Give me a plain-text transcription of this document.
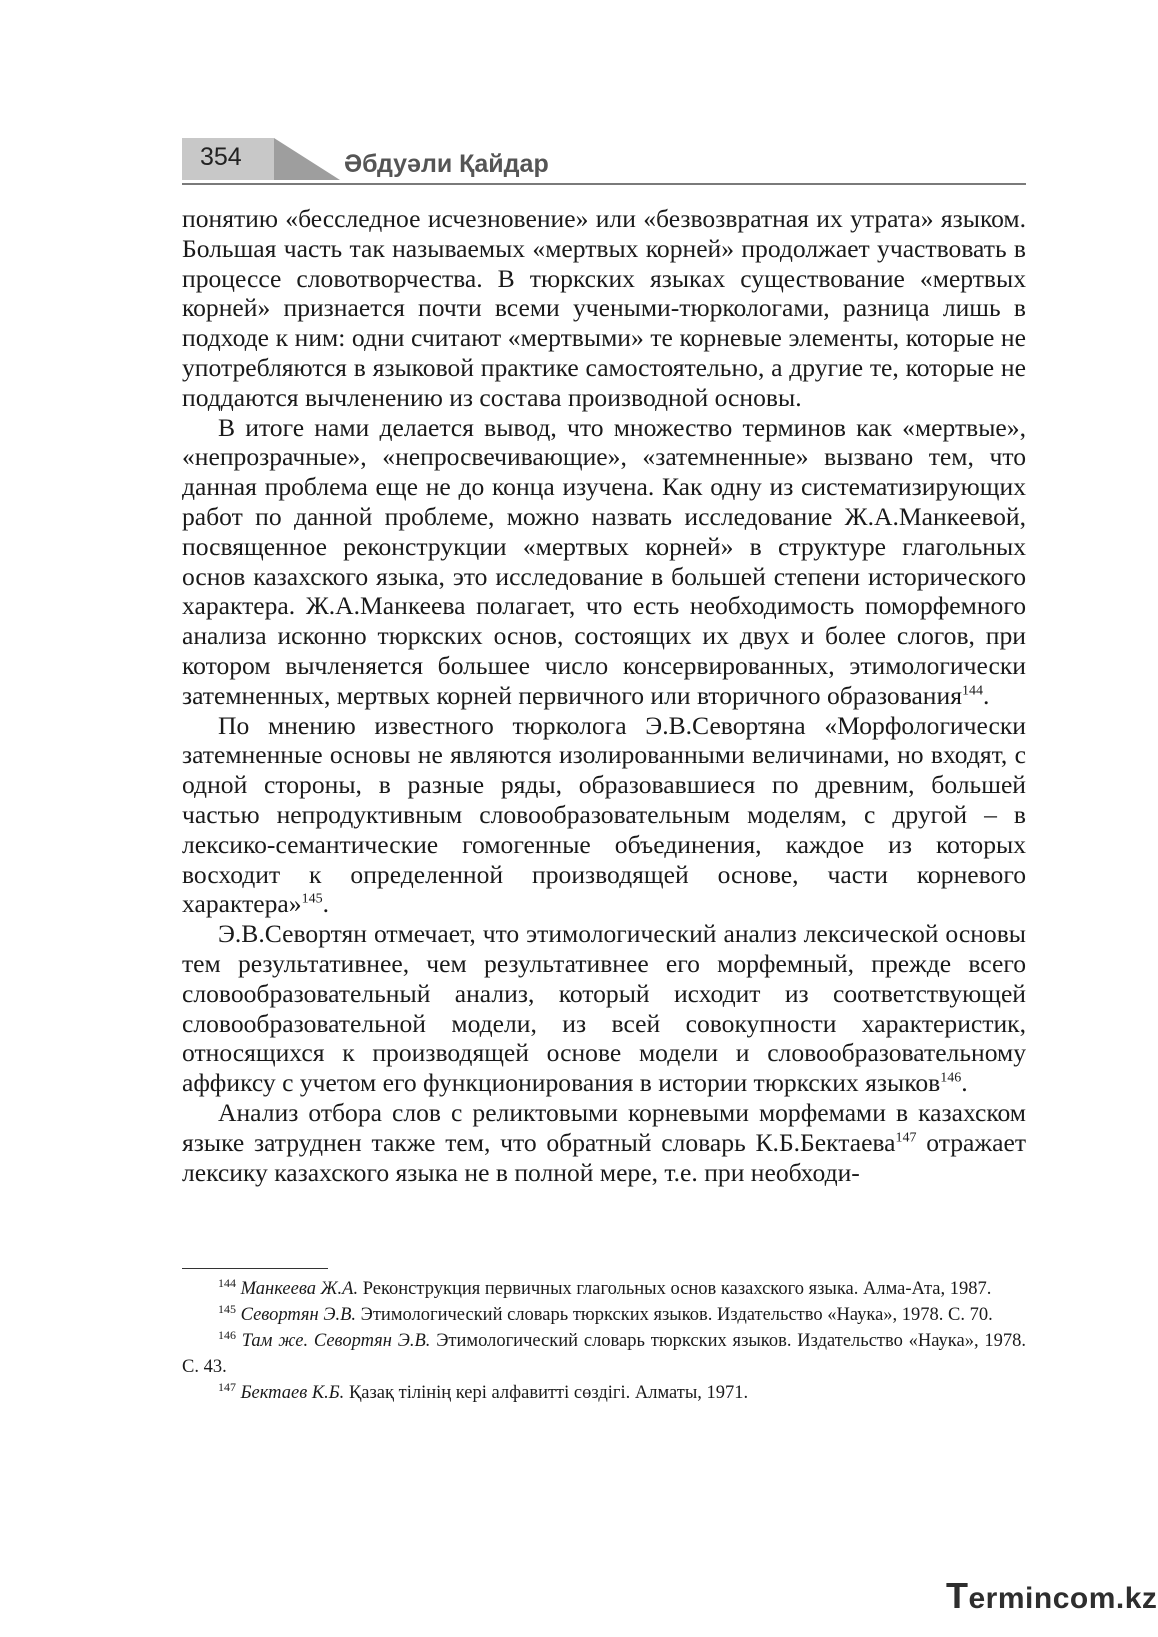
354	Әбдуәли Қайдар

понятию «бесследное исчезновение» или «безвозвратная их утрата» языком. Большая часть так называемых «мертвых корней» продолжает участвовать в процессе словотворчества. В тюркских языках существование «мертвых корней» признается почти всеми учеными-тюркологами, разница лишь в подходе к ним: одни считают «мертвыми» те корневые элементы, которые не употребляются в языковой практике самостоятельно, а другие те, которые не поддаются вычленению из состава производной основы.

В итоге нами делается вывод, что множество терминов как «мертвые», «непрозрачные», «непросвечивающие», «затемненные» вызвано тем, что данная проблема еще не до конца изучена. Как одну из систематизирующих работ по данной проблеме, можно назвать исследование Ж.А.Манкеевой, посвященное реконструкции «мертвых корней» в структуре глагольных основ казахского языка, это исследование в большей степени исторического характера. Ж.А.Манкеева полагает, что есть необходимость поморфемного анализа исконно тюркских основ, состоящих их двух и более слогов, при котором вычленяется большее число консервированных, этимологически затемненных, мертвых корней первичного или вторичного образования$^{144}$.

По мнению известного тюрколога Э.В.Севортяна «Морфологически затемненные основы не являются изолированными величинами, но входят, с одной стороны, в разные ряды, образовавшиеся по древним, большей частью непродуктивным словообразовательным моделям, с другой – в лексико-семантические гомогенные объединения, каждое из которых восходит к определенной производящей основе, части корневого характера»$^{145}$.

Э.В.Севортян отмечает, что этимологический анализ лексической основы тем результативнее, чем результативнее его морфемный, прежде всего словообразовательный анализ, который исходит из соответствующей словообразовательной модели, из всей совокупности характеристик, относящихся к производящей основе модели и словообразовательному аффиксу с учетом его функционирования в истории тюркских языков$^{146}$.

Анализ отбора слов с реликтовыми корневыми морфемами в казахском языке затруднен также тем, что обратный словарь К.Б.Бектаева$^{147}$ отражает лексику казахского языка не в полной мере, т.е. при необходи-

$^{144}$ Манкеева Ж.А. Реконструкция первичных глагольных основ казахского языка. Алма-Ата, 1987.

$^{145}$ Севортян Э.В. Этимологический словарь тюркских языков. Издательство «Наука», 1978. С. 70.

$^{146}$ Там же. Севортян Э.В. Этимологический словарь тюркских языков. Издательство «Наука», 1978. С. 43.

$^{147}$ Бектаев К.Б. Қазақ тілінің кері алфавитті сөздігі. Алматы, 1971.

Termincom.kz
